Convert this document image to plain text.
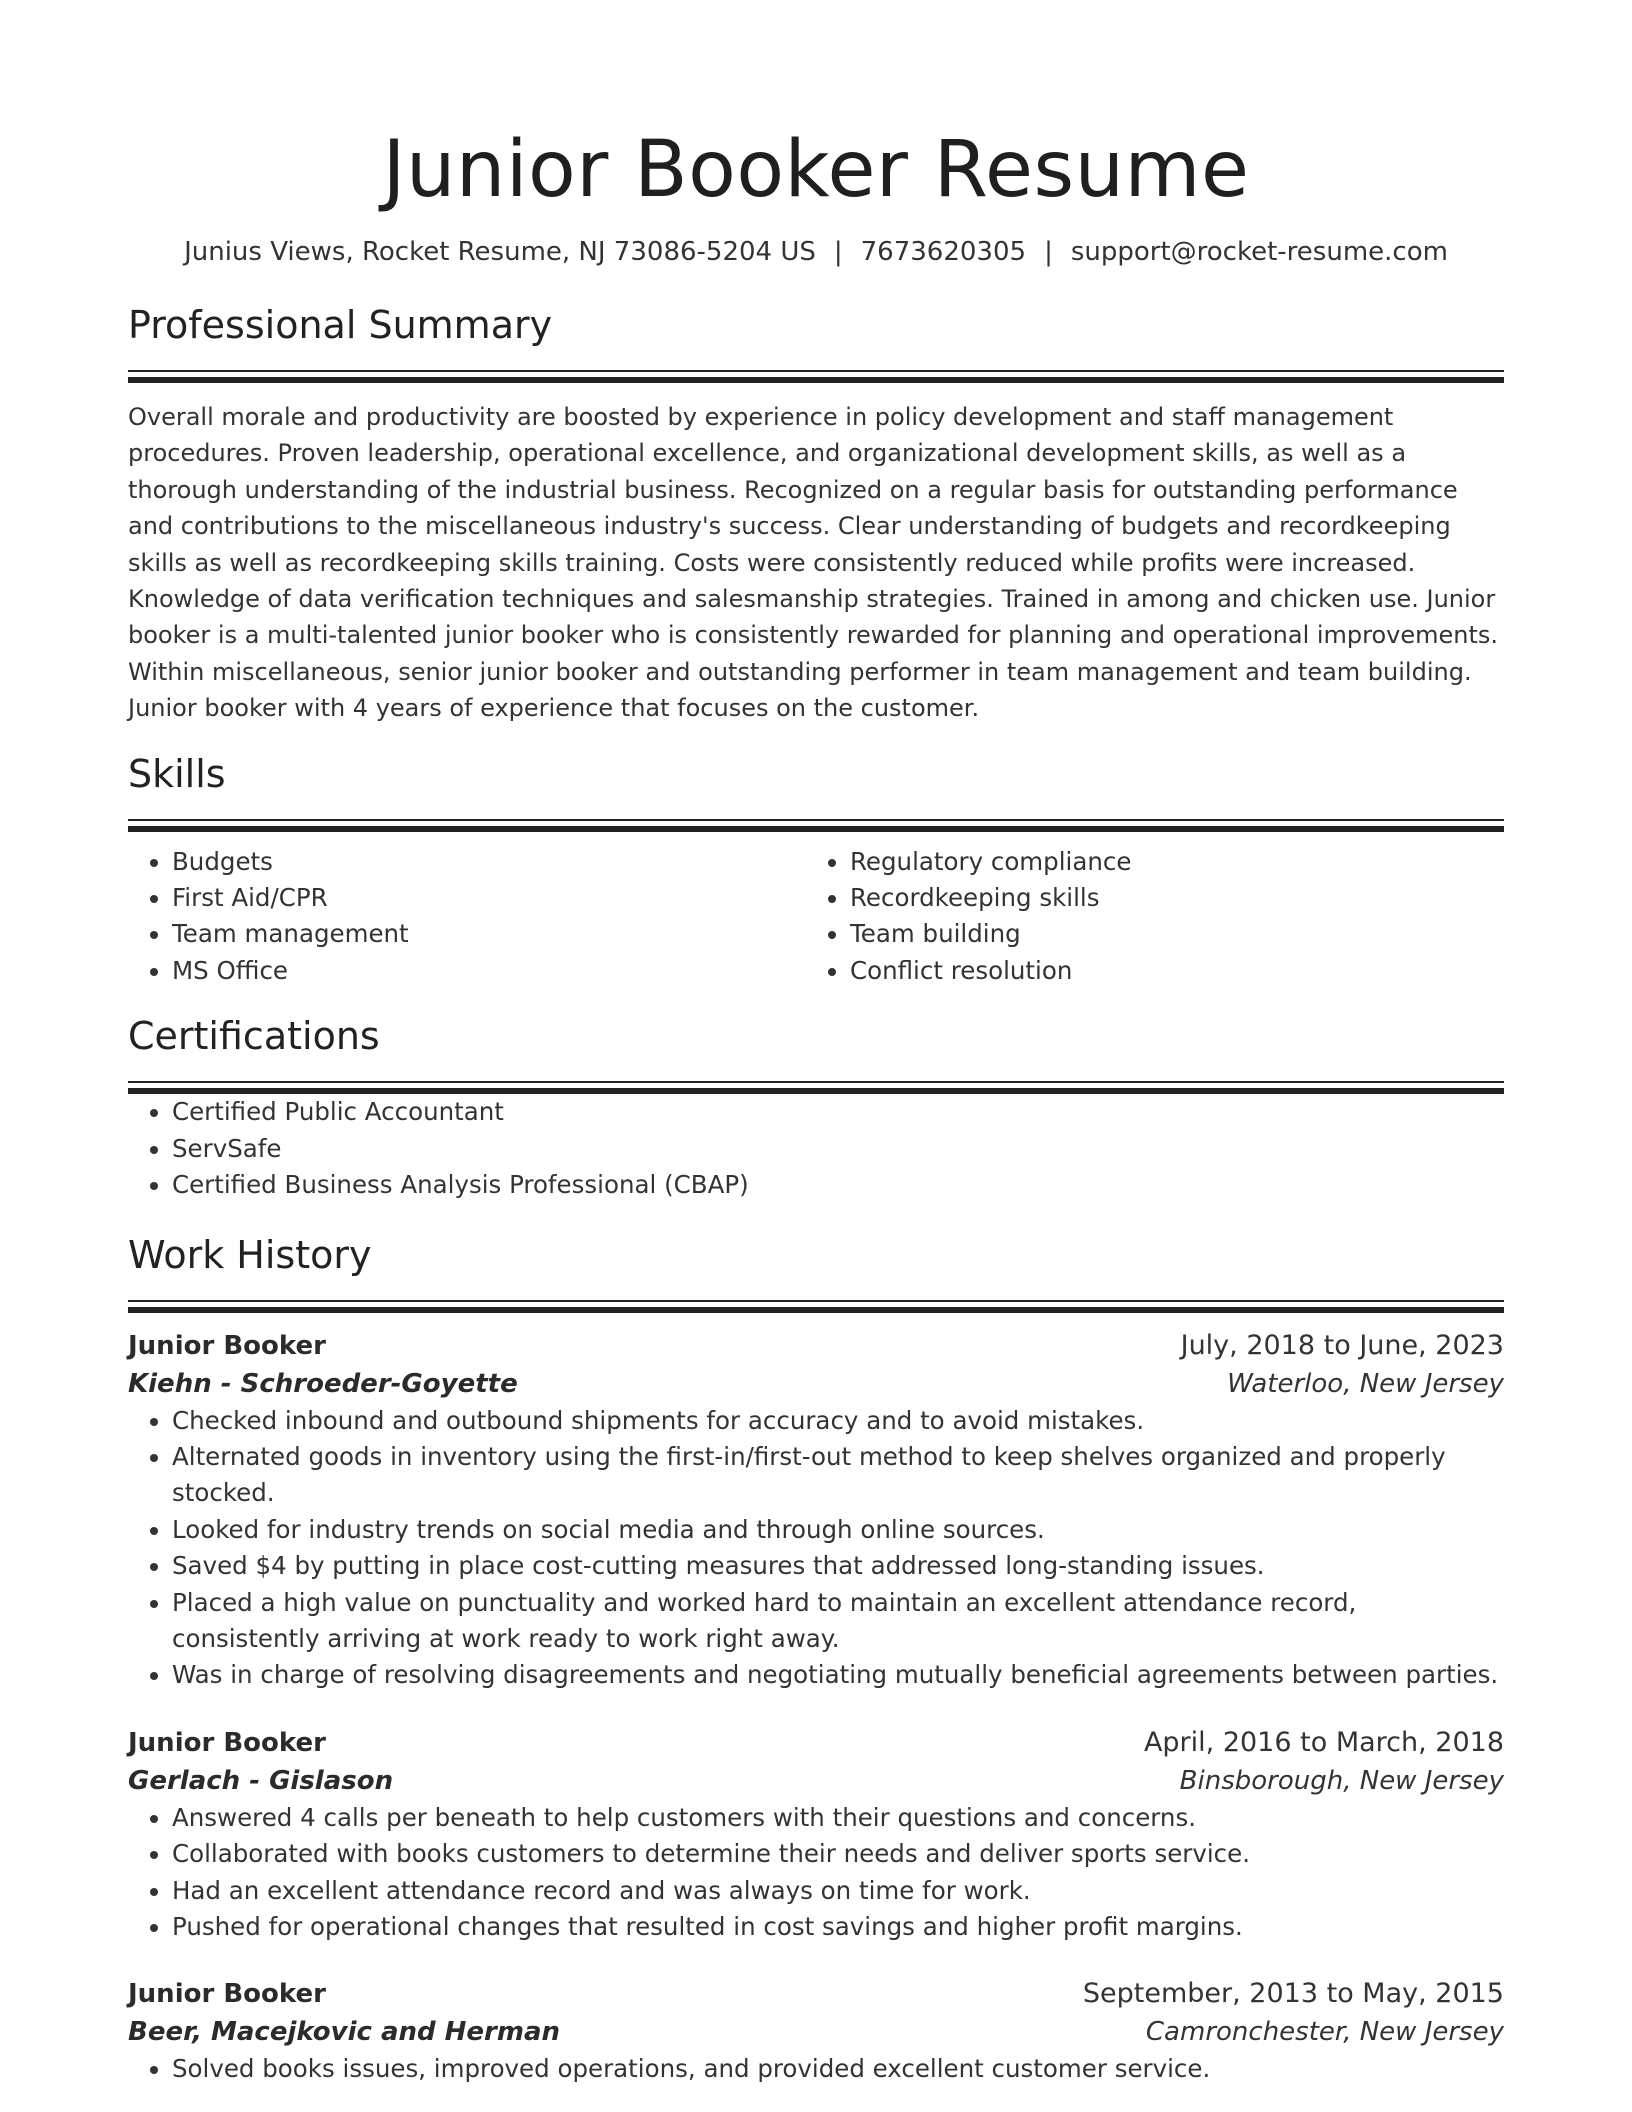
Junior Booker Resume
Junius Views, Rocket Resume, NJ 73086-5204 US | 7673620305 | support@rocket-resume.com
Professional Summary
Overall morale and productivity are boosted by experience in policy development and staff management procedures. Proven leadership, operational excellence, and organizational development skills, as well as a thorough understanding of the industrial business. Recognized on a regular basis for outstanding performance and contributions to the miscellaneous industry's success. Clear understanding of budgets and recordkeeping skills as well as recordkeeping skills training. Costs were consistently reduced while profits were increased. Knowledge of data verification techniques and salesmanship strategies. Trained in among and chicken use. Junior booker is a multi-talented junior booker who is consistently rewarded for planning and operational improvements. Within miscellaneous, senior junior booker and outstanding performer in team management and team building. Junior booker with 4 years of experience that focuses on the customer.
Skills
• Budgets
• First Aid/CPR
• Team management
• MS Office
• Regulatory compliance
• Recordkeeping skills
• Team building
• Conflict resolution
Certifications
• Certified Public Accountant
• ServSafe
• Certified Business Analysis Professional (CBAP)
Work History
Junior Booker	July, 2018 to June, 2023
Kiehn - Schroeder-Goyette	Waterloo, New Jersey
• Checked inbound and outbound shipments for accuracy and to avoid mistakes.
• Alternated goods in inventory using the first-in/first-out method to keep shelves organized and properly stocked.
• Looked for industry trends on social media and through online sources.
• Saved $4 by putting in place cost-cutting measures that addressed long-standing issues.
• Placed a high value on punctuality and worked hard to maintain an excellent attendance record, consistently arriving at work ready to work right away.
• Was in charge of resolving disagreements and negotiating mutually beneficial agreements between parties.
Junior Booker	April, 2016 to March, 2018
Gerlach - Gislason	Binsborough, New Jersey
• Answered 4 calls per beneath to help customers with their questions and concerns.
• Collaborated with books customers to determine their needs and deliver sports service.
• Had an excellent attendance record and was always on time for work.
• Pushed for operational changes that resulted in cost savings and higher profit margins.
Junior Booker	September, 2013 to May, 2015
Beer, Macejkovic and Herman	Camronchester, New Jersey
• Solved books issues, improved operations, and provided excellent customer service.
